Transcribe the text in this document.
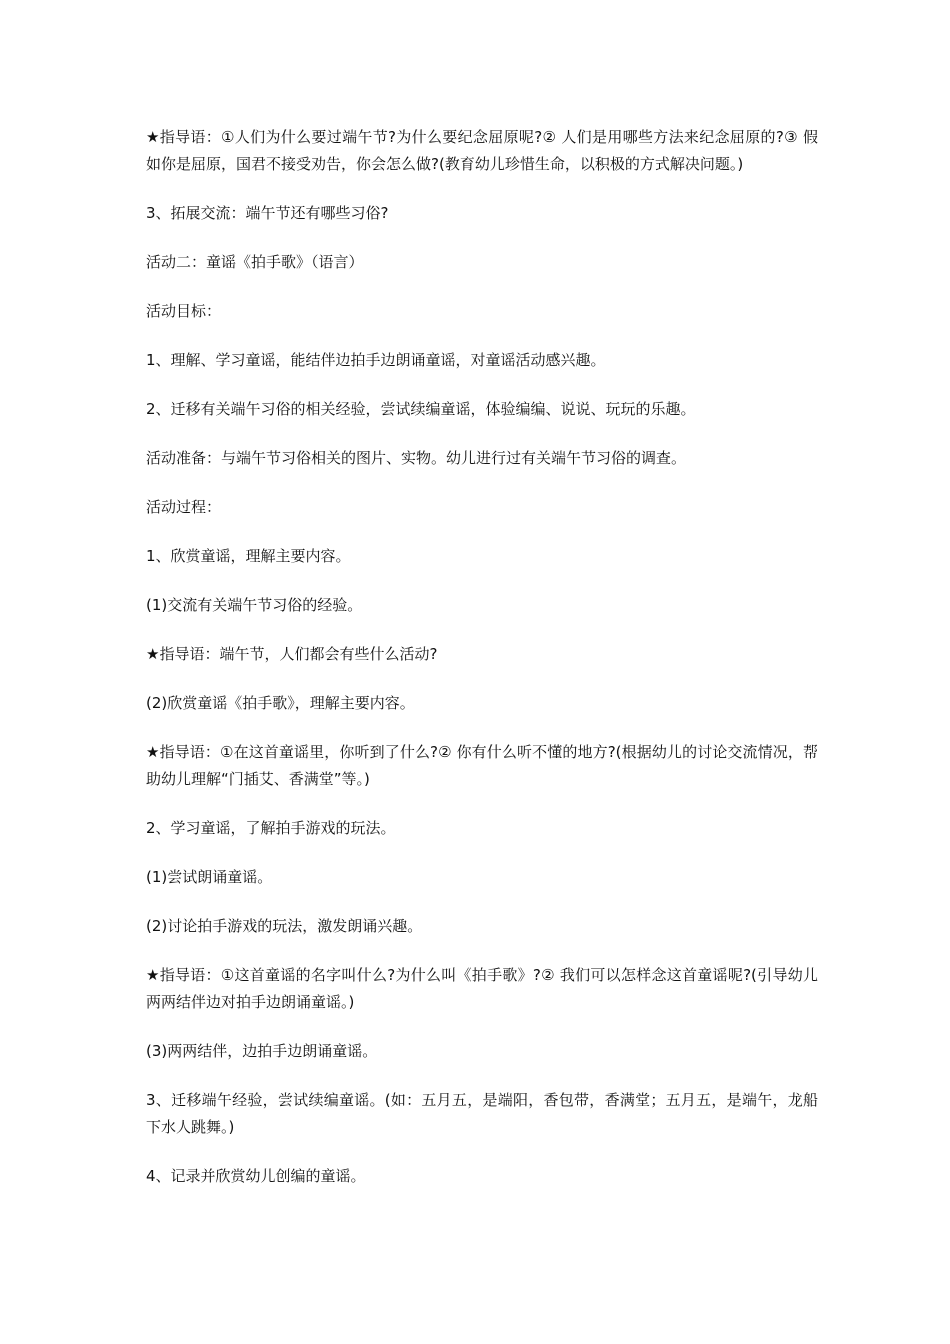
★指导语：①人们为什么要过端午节?为什么要纪念屈原呢?② 人们是用哪些方法来纪念屈原的?③ 假如你是屈原，国君不接受劝告，你会怎么做?(教育幼儿珍惜生命，以积极的方式解决问题。)

3、拓展交流：端午节还有哪些习俗?

活动二：童谣《拍手歌》（语言）

活动目标：

1、理解、学习童谣，能结伴边拍手边朗诵童谣，对童谣活动感兴趣。

2、迁移有关端午习俗的相关经验，尝试续编童谣，体验编编、说说、玩玩的乐趣。

活动准备：与端午节习俗相关的图片、实物。幼儿进行过有关端午节习俗的调查。

活动过程：

1、欣赏童谣，理解主要内容。

(1)交流有关端午节习俗的经验。

★指导语：端午节，人们都会有些什么活动?

(2)欣赏童谣《拍手歌》，理解主要内容。

★指导语：①在这首童谣里，你听到了什么?② 你有什么听不懂的地方?(根据幼儿的讨论交流情况，帮助幼儿理解“门插艾、香满堂”等。)

2、学习童谣，了解拍手游戏的玩法。

(1)尝试朗诵童谣。

(2)讨论拍手游戏的玩法，激发朗诵兴趣。

★指导语：①这首童谣的名字叫什么?为什么叫《拍手歌》?② 我们可以怎样念这首童谣呢?(引导幼儿两两结伴边对拍手边朗诵童谣。)

(3)两两结伴，边拍手边朗诵童谣。

3、迁移端午经验，尝试续编童谣。(如：五月五，是端阳，香包带，香满堂；五月五，是端午，龙船下水人跳舞。)

4、记录并欣赏幼儿创编的童谣。
